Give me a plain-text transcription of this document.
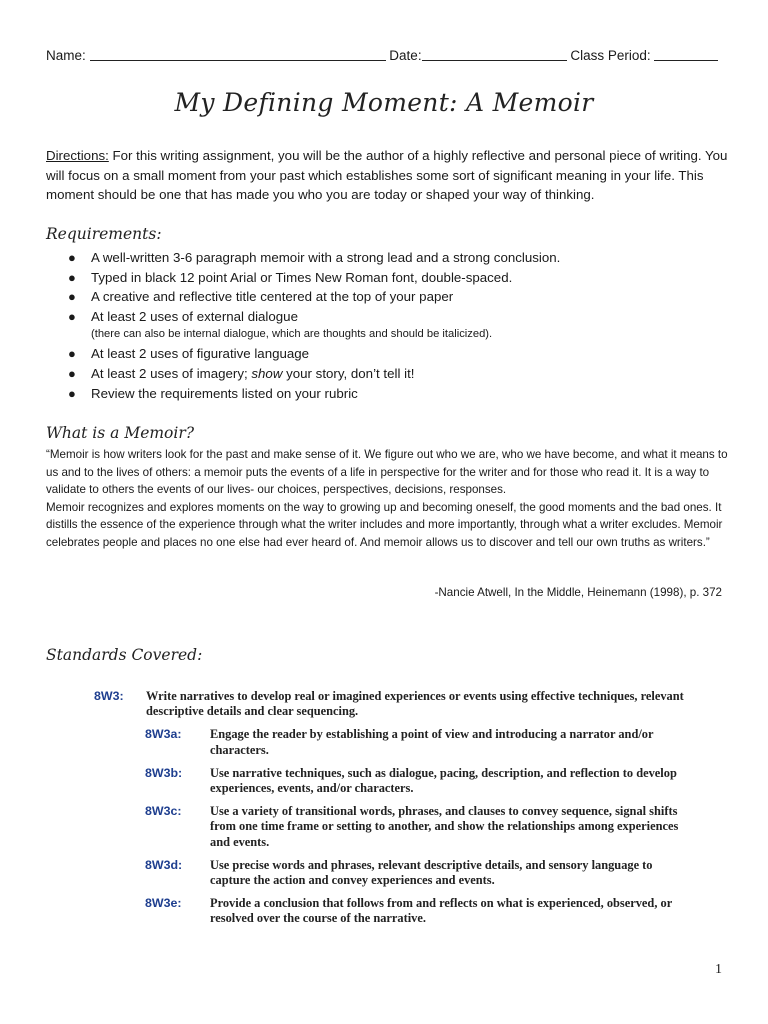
Name:	Date:	Class Period:
My Defining Moment: A Memoir
Directions: For this writing assignment, you will be the author of a highly reflective and personal piece of writing. You will focus on a small moment from your past which establishes some sort of significant meaning in your life. This moment should be one that has made you who you are today or shaped your way of thinking.
Requirements:
● A well-written 3-6 paragraph memoir with a strong lead and a strong conclusion.
● Typed in black 12 point Arial or Times New Roman font, double-spaced.
● A creative and reflective title centered at the top of your paper
● At least 2 uses of external dialogue
(there can also be internal dialogue, which are thoughts and should be italicized).
● At least 2 uses of figurative language
● At least 2 uses of imagery; show your story, don’t tell it!
● Review the requirements listed on your rubric
What is a Memoir?

“Memoir is how writers look for the past and make sense of it. We figure out who we are, who we have become, and what it means to us and to the lives of others: a memoir puts the events of a life in perspective for the writer and for those who read it. It is a way to validate to others the events of our lives- our choices, perspectives, decisions, responses.

Memoir recognizes and explores moments on the way to growing up and becoming oneself, the good moments and the bad ones. It distills the essence of the experience through what the writer includes and more importantly, through what a writer excludes. Memoir celebrates people and places no one else had ever heard of. And memoir allows us to discover and tell our own truths as writers.”

-Nancie Atwell, In the Middle, Heinemann (1998), p. 372
Standards Covered:
8W3:	Write narratives to develop real or imagined experiences or events using effective techniques, relevant descriptive details and clear sequencing.
8W3a:	Engage the reader by establishing a point of view and introducing a narrator and/or characters.
8W3b:	Use narrative techniques, such as dialogue, pacing, description, and reflection to develop experiences, events, and/or characters.
8W3c:	Use a variety of transitional words, phrases, and clauses to convey sequence, signal shifts from one time frame or setting to another, and show the relationships among experiences and events.
8W3d:	Use precise words and phrases, relevant descriptive details, and sensory language to capture the action and convey experiences and events.
8W3e:	Provide a conclusion that follows from and reflects on what is experienced, observed, or resolved over the course of the narrative.
1
